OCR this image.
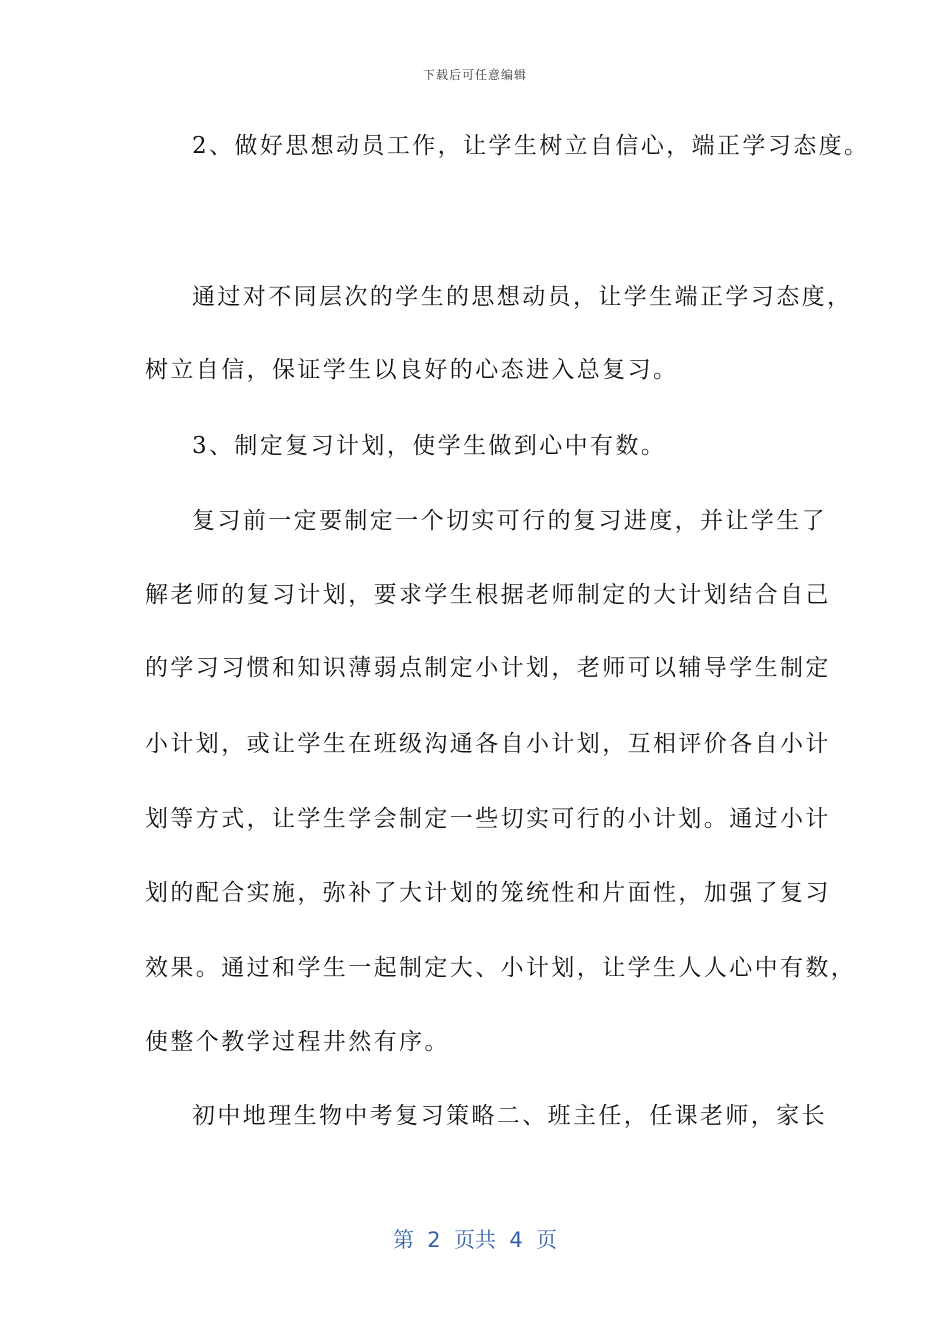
下载后可任意编辑
2、做好思想动员工作，让学生树立自信心，端正学习态度。
通过对不同层次的学生的思想动员，让学生端正学习态度，
树立自信，保证学生以良好的心态进入总复习。
3、制定复习计划，使学生做到心中有数。
复习前一定要制定一个切实可行的复习进度，并让学生了
解老师的复习计划，要求学生根据老师制定的大计划结合自己
的学习习惯和知识薄弱点制定小计划，老师可以辅导学生制定
小计划，或让学生在班级沟通各自小计划，互相评价各自小计
划等方式，让学生学会制定一些切实可行的小计划。通过小计
划的配合实施，弥补了大计划的笼统性和片面性，加强了复习
效果。通过和学生一起制定大、小计划，让学生人人心中有数，
使整个教学过程井然有序。
初中地理生物中考复习策略二、班主任，任课老师，家长
第  2  页共  4  页
